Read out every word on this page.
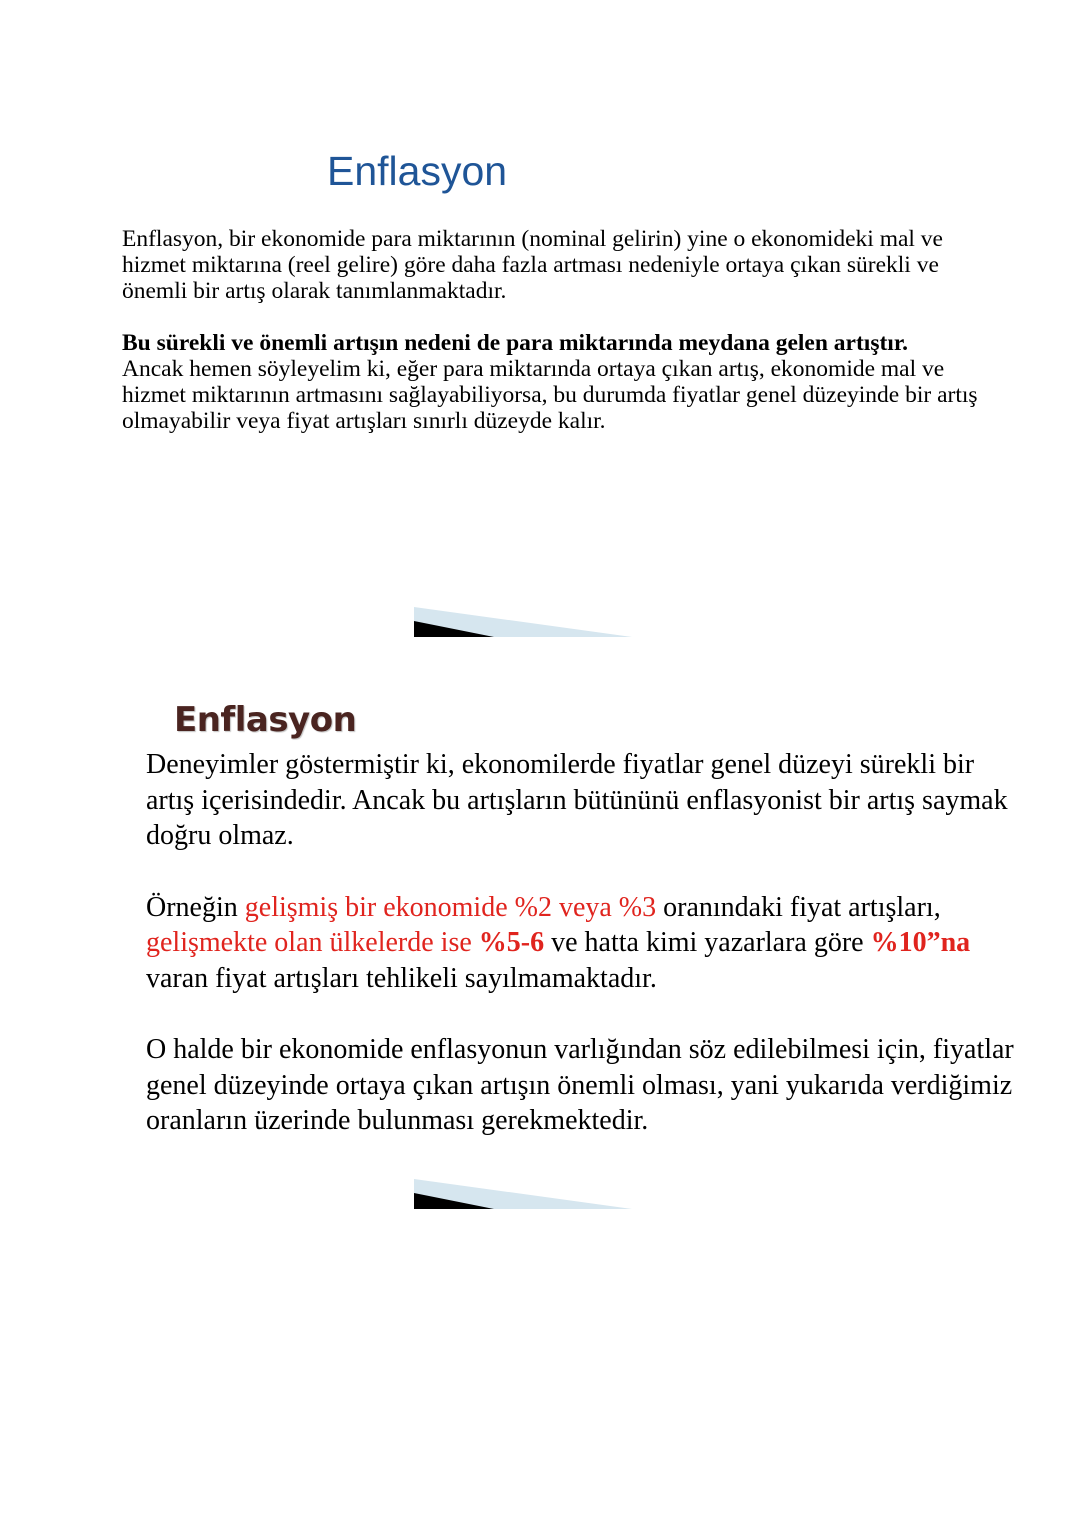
Enflasyon

Enflasyon, bir ekonomide para miktarının (nominal gelirin) yine o ekonomideki mal ve hizmet miktarına (reel gelire) göre daha fazla artması nedeniyle ortaya çıkan sürekli ve önemli bir artış olarak tanımlanmaktadır.

Bu sürekli ve önemli artışın nedeni de para miktarında meydana gelen artıştır.
Ancak hemen söyleyelim ki, eğer para miktarında ortaya çıkan artış, ekonomide mal ve hizmet miktarının artmasını sağlayabiliyorsa, bu durumda fiyatlar genel düzeyinde bir artış olmayabilir veya fiyat artışları sınırlı düzeyde kalır.

Enflasyon

Deneyimler göstermiştir ki, ekonomilerde fiyatlar genel düzeyi sürekli bir artış içerisindedir. Ancak bu artışların bütününü enflasyonist bir artış saymak doğru olmaz.

Örneğin gelişmiş bir ekonomide %2 veya %3 oranındaki fiyat artışları,
gelişmekte olan ülkelerde ise %5-6 ve hatta kimi yazarlara göre %10”na
varan fiyat artışları tehlikeli sayılmamaktadır.

O halde bir ekonomide enflasyonun varlığından söz edilebilmesi için, fiyatlar genel düzeyinde ortaya çıkan artışın önemli olması, yani yukarıda verdiğimiz oranların üzerinde bulunması gerekmektedir.
